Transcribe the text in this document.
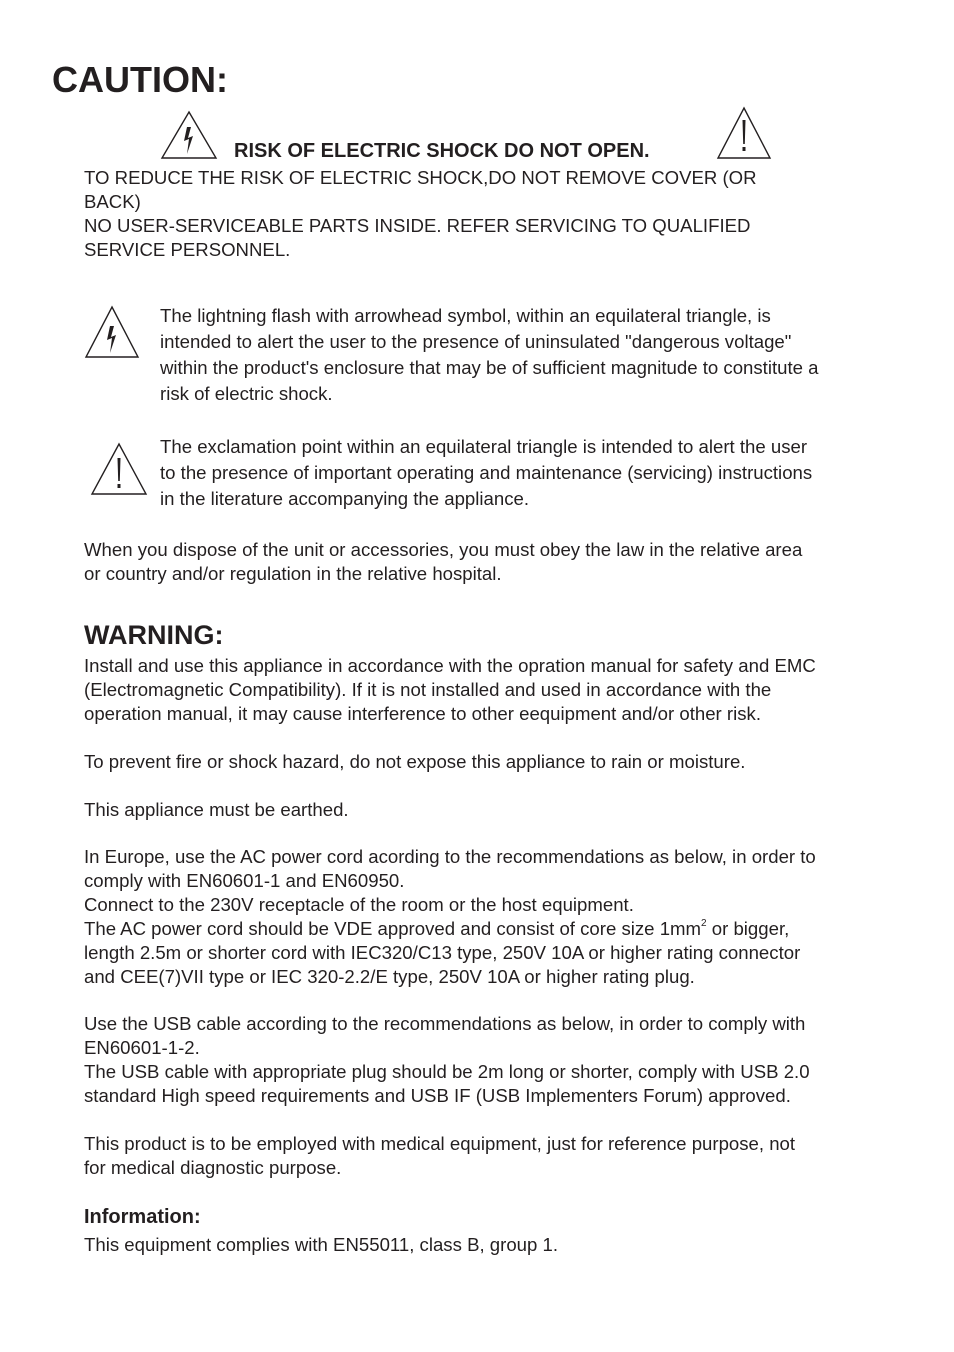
CAUTION:
RISK OF ELECTRIC SHOCK DO NOT OPEN.

TO REDUCE THE RISK OF ELECTRIC SHOCK,DO NOT REMOVE COVER (OR

BACK)

NO USER-SERVICEABLE PARTS INSIDE. REFER SERVICING TO QUALIFIED

SERVICE PERSONNEL.

The lightning flash with arrowhead symbol, within an equilateral triangle, is
intended to alert the user to the presence of uninsulated "dangerous voltage"
within the product's enclosure that may be of sufficient magnitude to constitute a
risk of electric shock.
The exclamation point within an equilateral triangle is intended to alert the user
to the presence of important operating and maintenance (servicing) instructions
in the literature accompanying the appliance.

When you dispose of the unit or accessories, you must obey the law in the relative area

or country and/or regulation in the relative hospital.

WARNING:

Install and use this appliance in accordance with the opration manual for safety and EMC

(Electromagnetic Compatibility). If it is not installed and used in accordance with the

operation manual, it may cause interference to other eequipment and/or other risk.

To prevent fire or shock hazard, do not expose this appliance to rain or moisture.

This appliance must be earthed.

In Europe, use the AC power cord acording to the recommendations as below, in order to

comply with EN60601-1 and EN60950.

Connect to the 230V receptacle of the room or the host equipment.

The AC power cord should be VDE approved and consist of core size $1mm^2$ or bigger,

length 2.5m or shorter cord with IEC320/C13 type, 250V 10A or higher rating connector

and CEE(7)VII type or IEC 320-2.2/E type, 250V 10A or higher rating plug.

Use the USB cable according to the recommendations as below, in order to comply with

EN60601-1-2.

The USB cable with appropriate plug should be 2m long or shorter, comply with USB 2.0

standard High speed requirements and USB IF (USB Implementers Forum) approved.

This product is to be employed with medical equipment, just for reference purpose, not

for medical diagnostic purpose.

Information:

This equipment complies with EN55011, class B, group 1.
